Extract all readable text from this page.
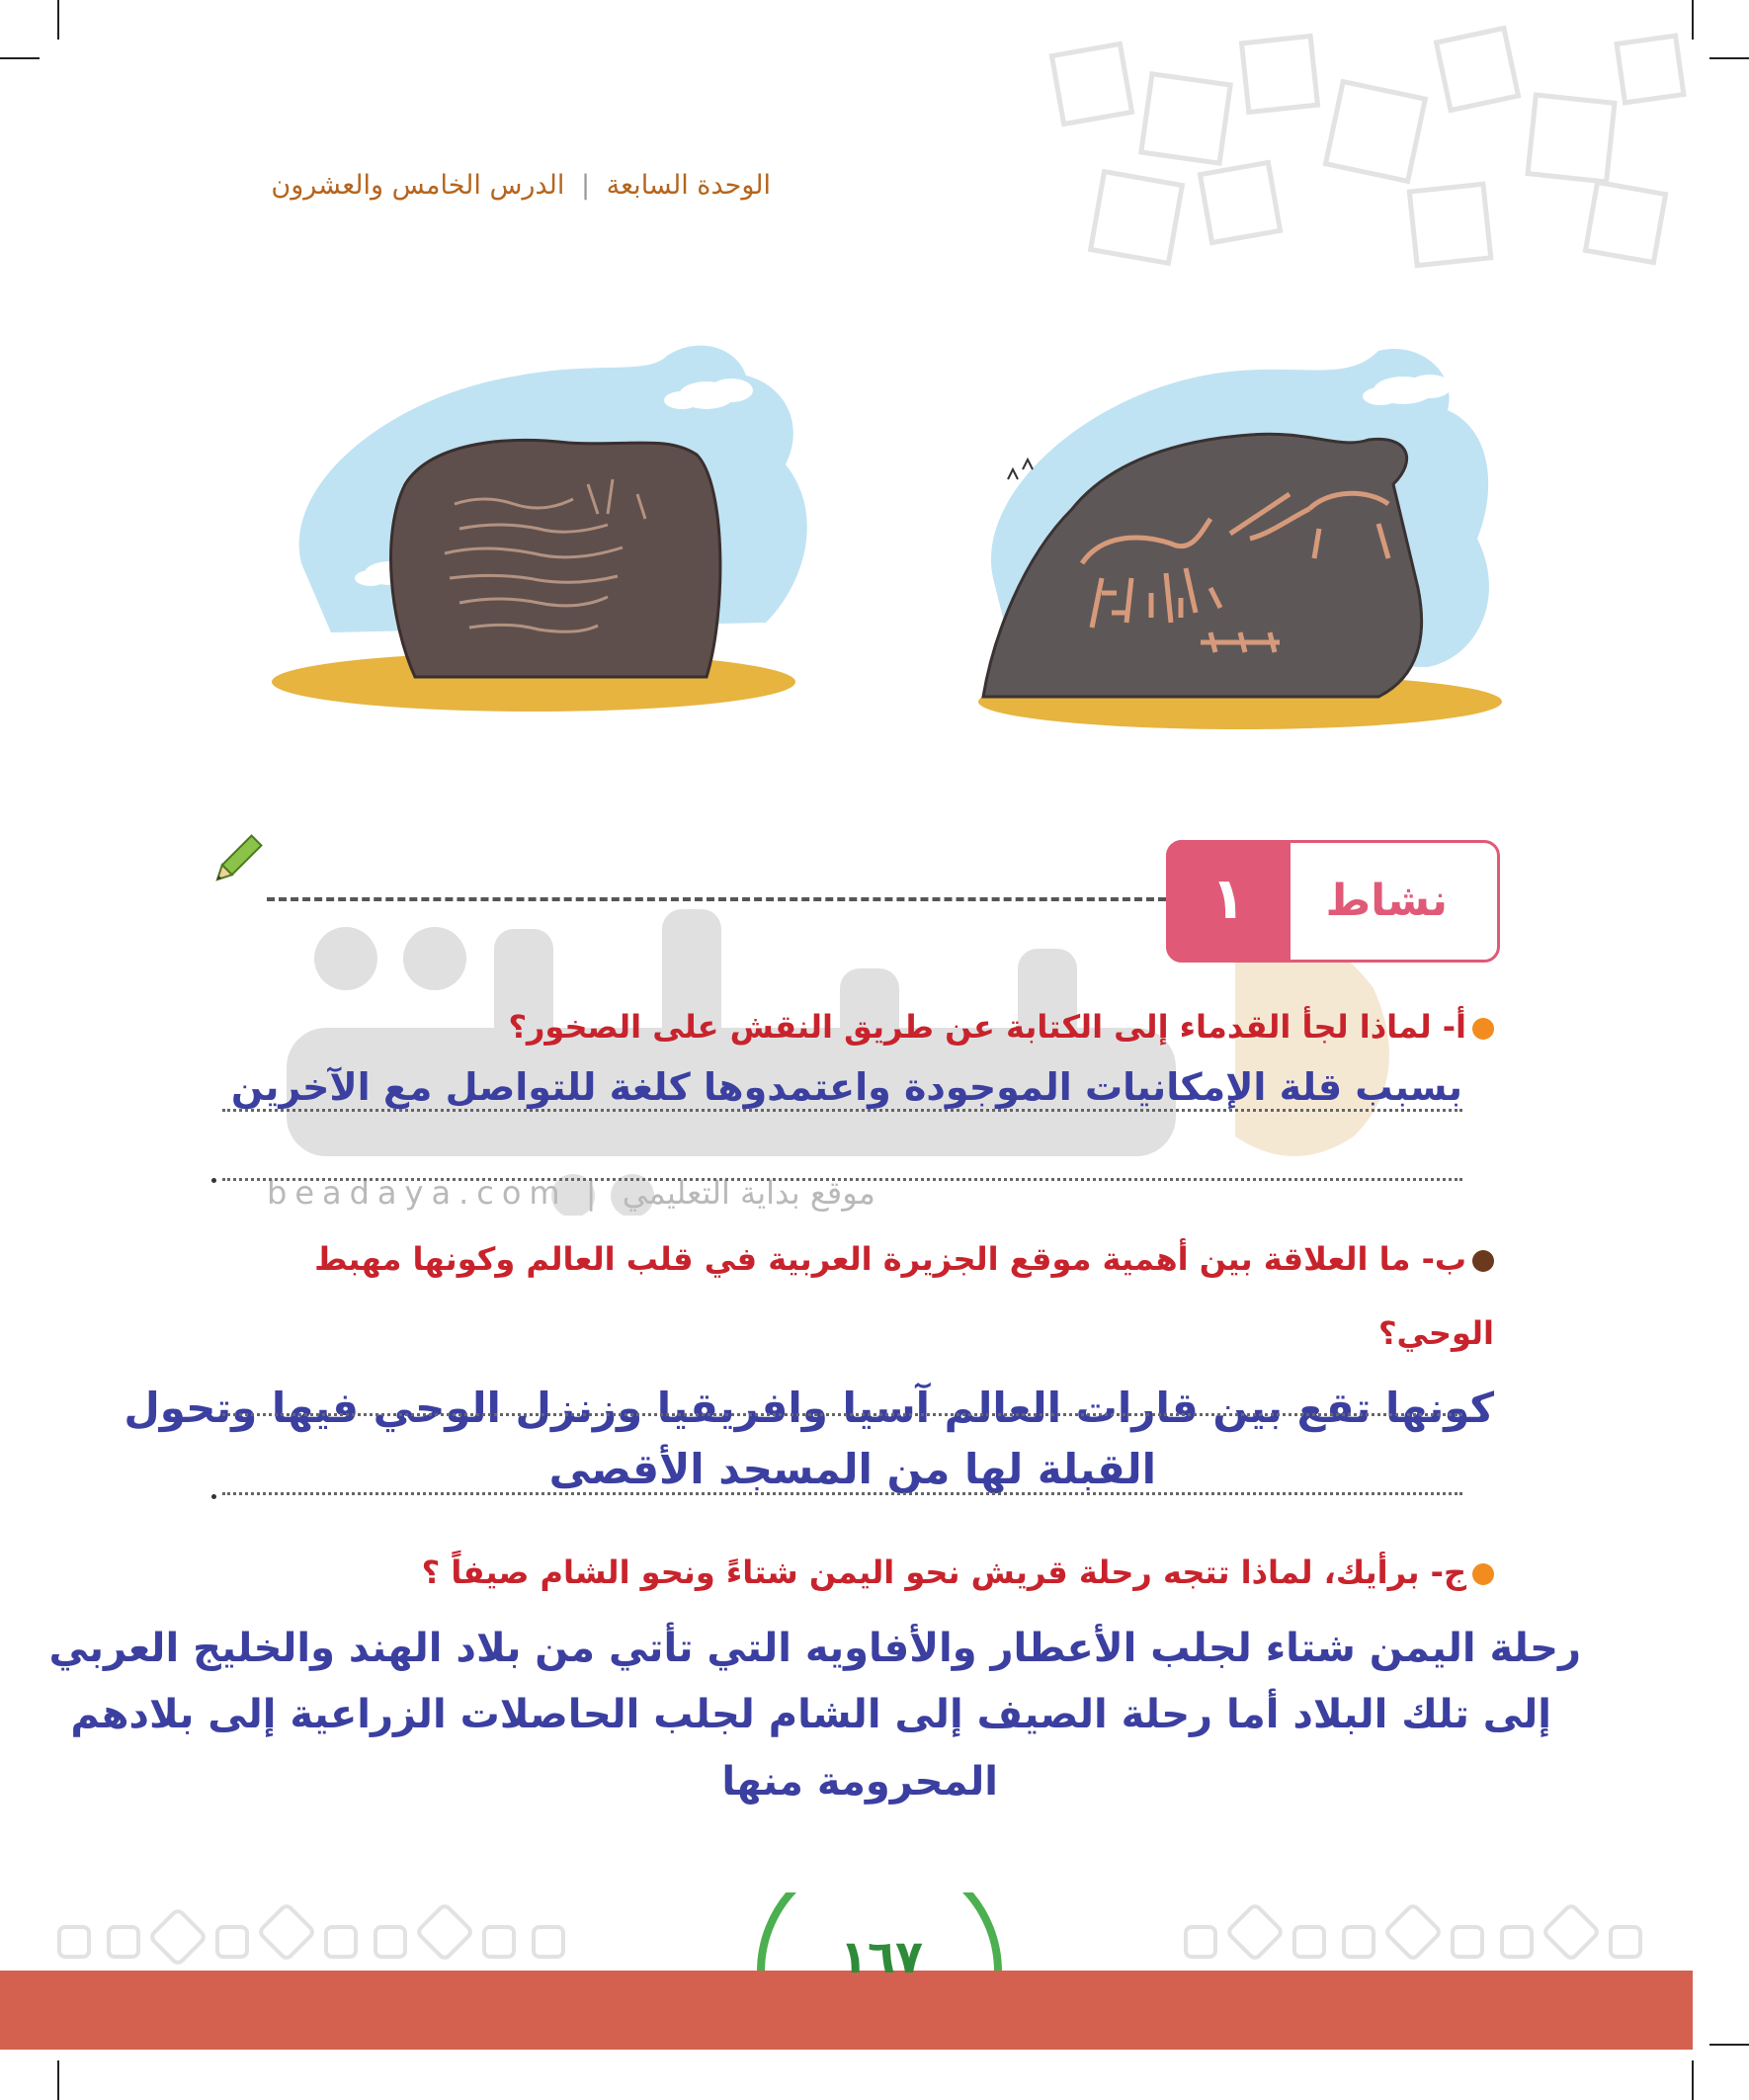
الوحدة السابعة | الدرس الخامس والعشرون
beadaya.com | موقع بداية التعليمي
١	نشاط
أ- لماذا لجأ القدماء إلى الكتابة عن طريق النقش على الصخور؟
بسبب قلة الإمكانيات الموجودة واعتمدوها كلغة للتواصل مع الآخرين
ب- ما العلاقة بين أهمية موقع الجزيرة العربية في قلب العالم وكونها مهبط
الوحي؟
كونها تقع بين قارات العالم آسيا وافريقيا وزنزل الوحي فيها وتحول
القبلة لها من المسجد الأقصى
ج- برأيك، لماذا تتجه رحلة قريش نحو اليمن شتاءً ونحو الشام صيفاً ؟
رحلة اليمن شتاء لجلب الأعطار والأفاويه التي تأتي من بلاد الهند والخليج العربي
إلى تلك البلاد أما رحلة الصيف إلى الشام لجلب الحاصلات الزراعية إلى بلادهم
المحرومة منها
١٦٧
